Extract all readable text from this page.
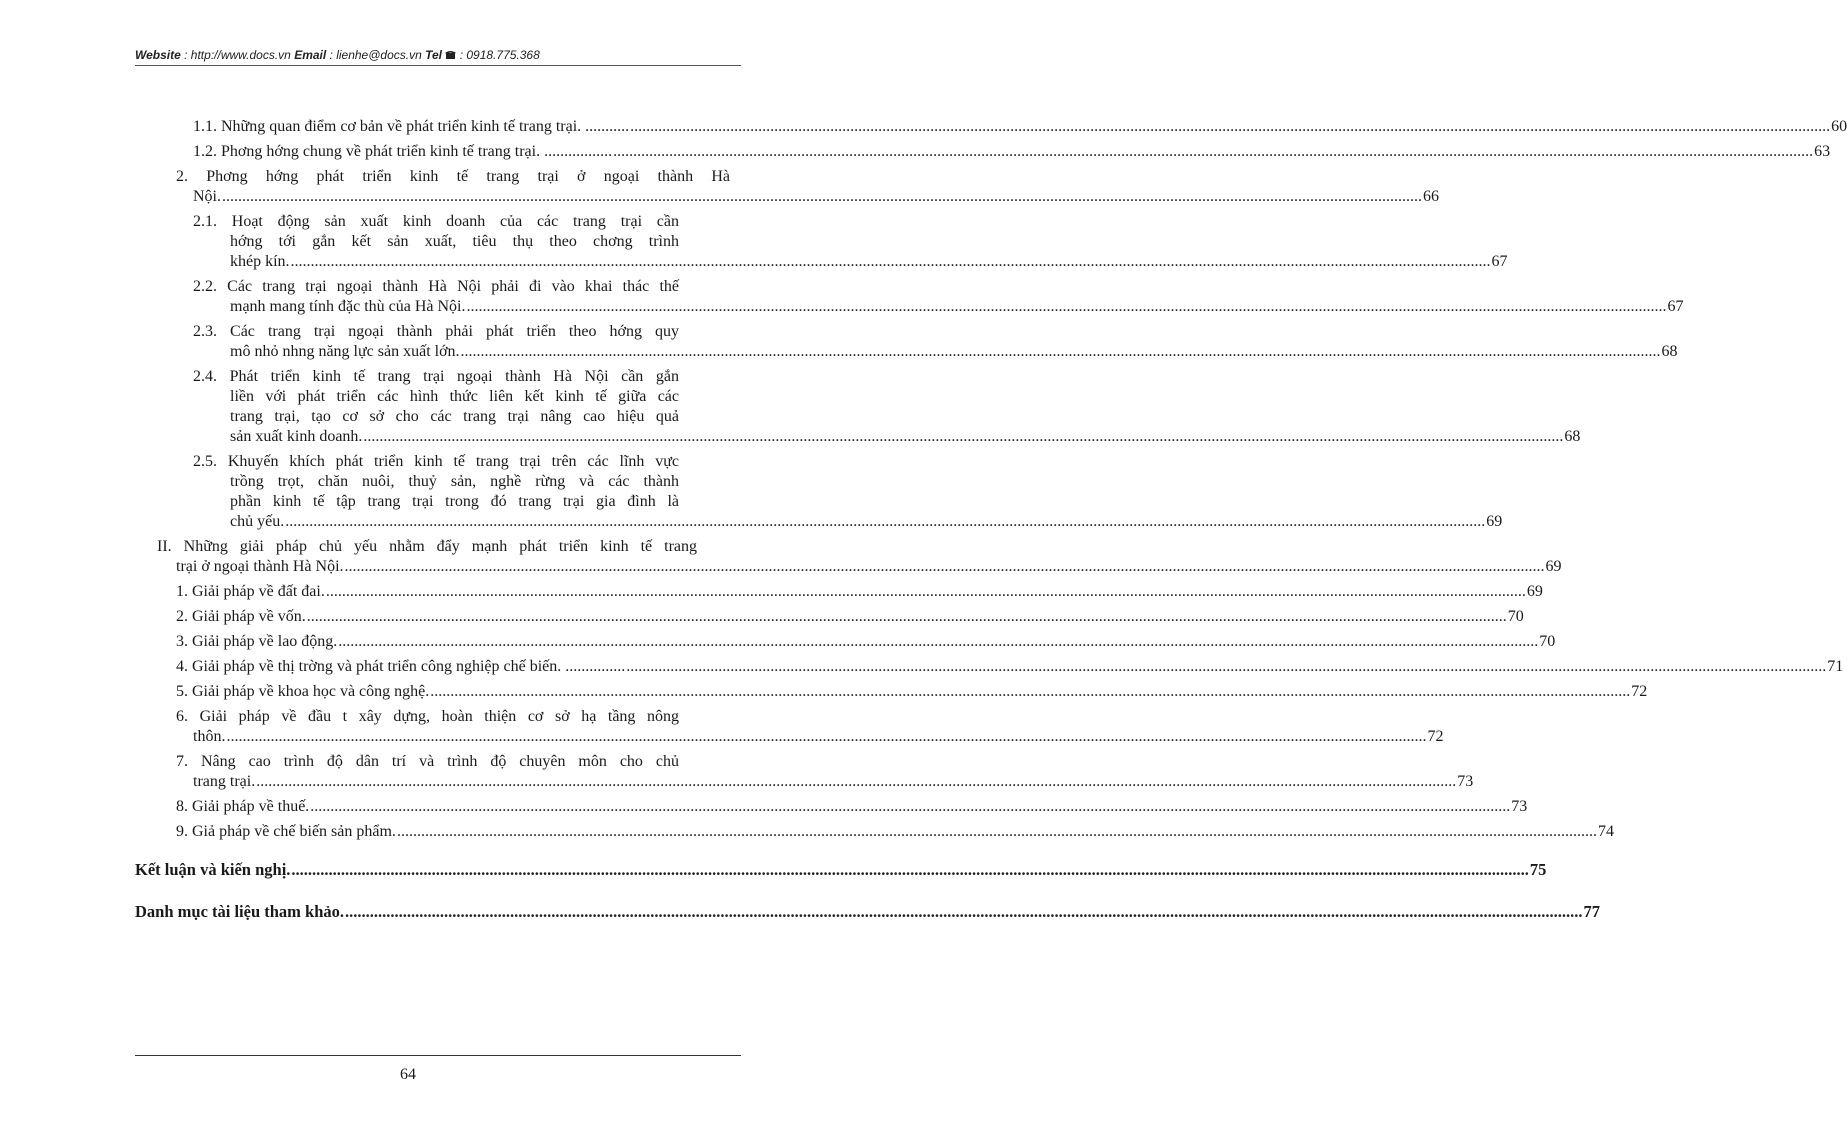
Website : http://www.docs.vn Email : lienhe@docs.vn Tel  : 0918.775.368
1.1. Những quan điểm cơ bản về phát triển kinh tế trang trại. ........... ............................................................................................................................................................................................................................................................................................................ 60
1.2. Phơng hớng chung về phát triển kinh tế trang trại. ................. ............................................................................................................................................................................................................................................................................................................ 63
2. Phơng hớng phát triển kinh tế trang trại ở ngoại thành Hà
Nội. ............................................................................................................................................................................................................................................................................................................ 66
2.1. Hoạt động sản xuất kinh doanh của các trang trại cần
hớng tới gắn kết sản xuất, tiêu thụ theo chơng trình
khép kín. ............................................................................................................................................................................................................................................................................................................ 67
2.2. Các trang trại ngoại thành Hà Nội phải đi vào khai thác thế
mạnh mang tính đặc thù của Hà Nội. ............................................................................................................................................................................................................................................................................................................ 67
2.3. Các trang trại ngoại thành phải phát triển theo hớng quy
mô nhỏ nhng năng lực sản xuất lớn. ............................................................................................................................................................................................................................................................................................................ 68
2.4. Phát triển kinh tế trang trại ngoại thành Hà Nội cần gắn
liền với phát triển các hình thức liên kết kinh tế giữa các
trang trại, tạo cơ sở cho các trang trại nâng cao hiệu quả
sản xuất kinh doanh. ............................................................................................................................................................................................................................................................................................................ 68
2.5. Khuyến khích phát triển kinh tế trang trại trên các lĩnh vực
trồng trọt, chăn nuôi, thuỷ sản, nghề rừng và các thành
phần kinh tế tập trang trại trong đó trang trại gia đình là
chủ yếu. ............................................................................................................................................................................................................................................................................................................ 69
II. Những giải pháp chủ yếu nhằm đẩy mạnh phát triển kinh tế trang
trại ở ngoại thành Hà Nội. ............................................................................................................................................................................................................................................................................................................ 69
1. Giải pháp về đất đai. ............................................................................................................................................................................................................................................................................................................ 69
2. Giải pháp về vốn. ............................................................................................................................................................................................................................................................................................................ 70
3. Giải pháp về lao động. ............................................................................................................................................................................................................................................................................................................ 70
4. Giải pháp về thị trờng và phát triển công nghiệp chế biến. ............... ............................................................................................................................................................................................................................................................................................................ 71
5. Giải pháp về khoa học và công nghệ. ............................................................................................................................................................................................................................................................................................................ 72
6. Giải pháp về đầu t xây dựng, hoàn thiện cơ sở hạ tầng nông
thôn. ............................................................................................................................................................................................................................................................................................................ 72
7. Nâng cao trình độ dân trí và trình độ chuyên môn cho chủ
trang trại. ............................................................................................................................................................................................................................................................................................................ 73
8. Giải pháp về thuế. ............................................................................................................................................................................................................................................................................................................ 73
9. Giả pháp về chế biến sản phẩm. ............................................................................................................................................................................................................................................................................................................ 74
Kết luận và kiến nghị. ............................................................................................................................................................................................................................................................................................................ 75
Danh mục tài liệu tham khảo. ............................................................................................................................................................................................................................................................................................................ 77
64
